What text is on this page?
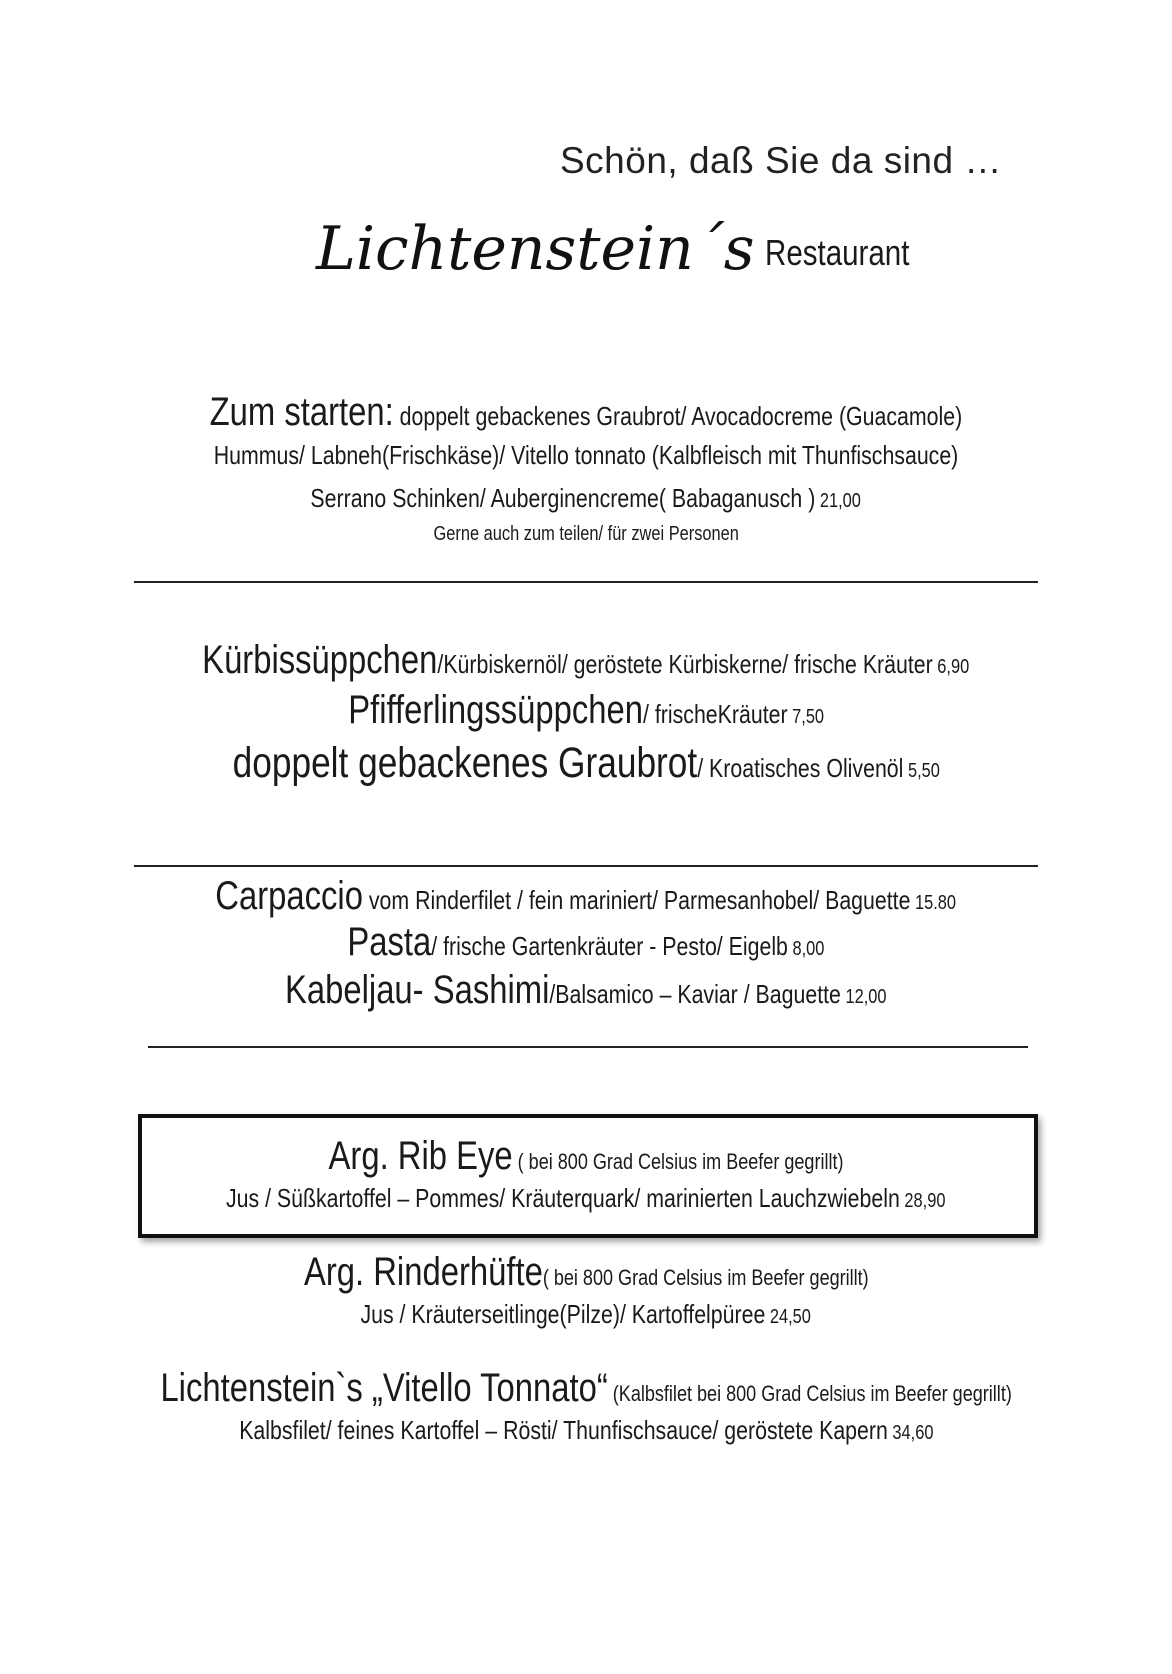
Schön, daß Sie da sind …
Lichtenstein´s Restaurant
Zum starten: doppelt gebackenes Graubrot/ Avocadocreme (Guacamole)
Hummus/ Labneh(Frischkäse)/ Vitello tonnato (Kalbfleisch mit Thunfischsauce)
Serrano Schinken/ Auberginencreme( Babaganusch ) 21,00
Gerne auch zum teilen/ für zwei Personen
Kürbissüppchen/Kürbiskernöl/ geröstete Kürbiskerne/ frische Kräuter 6,90
Pfifferlingssüppchen/ frischeKräuter 7,50
doppelt gebackenes Graubrot/ Kroatisches Olivenöl 5,50
Carpaccio vom Rinderfilet / fein mariniert/ Parmesanhobel/ Baguette 15.80
Pasta/ frische Gartenkräuter - Pesto/ Eigelb 8,00
Kabeljau- Sashimi/Balsamico – Kaviar / Baguette 12,00
Arg. Rib Eye ( bei 800 Grad Celsius im Beefer gegrillt)
Jus / Süßkartoffel – Pommes/ Kräuterquark/ marinierten Lauchzwiebeln 28,90
Arg. Rinderhüfte( bei 800 Grad Celsius im Beefer gegrillt)
Jus / Kräuterseitlinge(Pilze)/ Kartoffelpüree 24,50
Lichtenstein`s „Vitello Tonnato“ (Kalbsfilet bei 800 Grad Celsius im Beefer gegrillt)
Kalbsfilet/ feines Kartoffel – Rösti/ Thunfischsauce/ geröstete Kapern 34,60
